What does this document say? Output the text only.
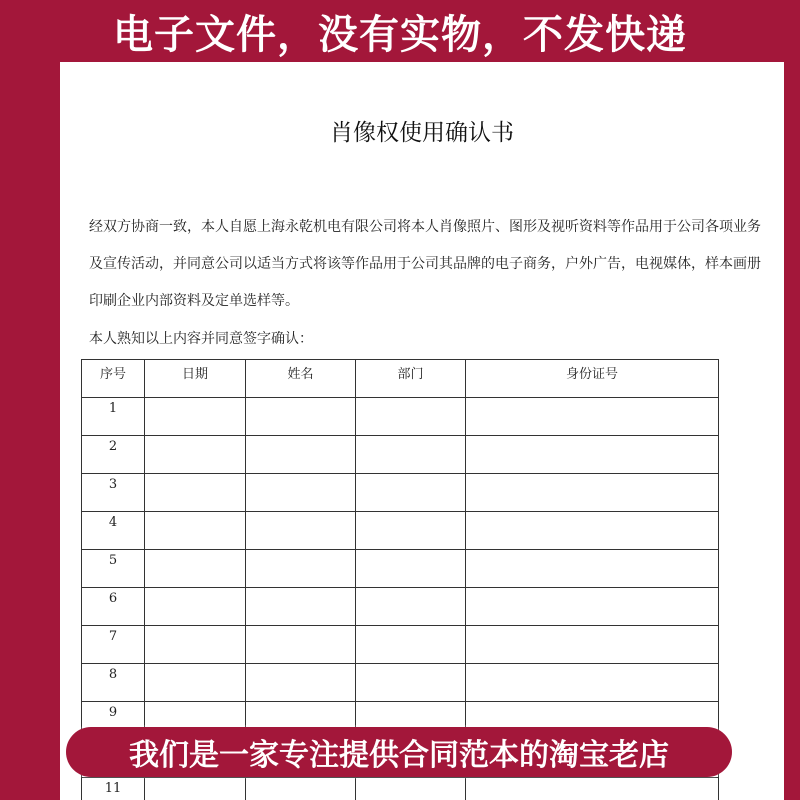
电子文件，没有实物，不发快递
肖像权使用确认书

经双方协商一致，本人自愿上海永乾机电有限公司将本人肖像照片、图形及视听资料等作品用于公司各项业务及宣传活动，并同意公司以适当方式将该等作品用于公司其品牌的电子商务，户外广告，电视媒体，样本画册印刷企业内部资料及定单选样等。

本人熟知以上内容并同意签字确认：

序号	日期	姓名	部门	身份证号
1				
2				
3				
4				
5				
6				
7				
8				
9				

11				
我们是一家专注提供合同范本的淘宝老店
